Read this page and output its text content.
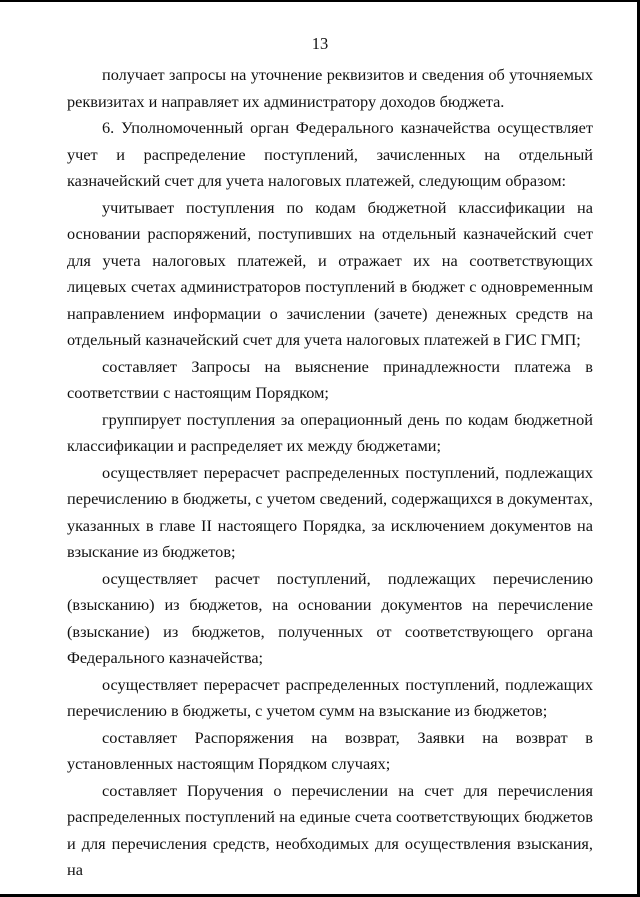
13

получает запросы на уточнение реквизитов и сведения об уточняемых реквизитах и направляет их администратору доходов бюджета.

6. Уполномоченный орган Федерального казначейства осуществляет учет и распределение поступлений, зачисленных на отдельный казначейский счет для учета налоговых платежей, следующим образом:

учитывает поступления по кодам бюджетной классификации на основании распоряжений, поступивших на отдельный казначейский счет для учета налоговых платежей, и отражает их на соответствующих лицевых счетах администраторов поступлений в бюджет с одновременным направлением информации о зачислении (зачете) денежных средств на отдельный казначейский счет для учета налоговых платежей в ГИС ГМП;

составляет Запросы на выяснение принадлежности платежа в соответствии с настоящим Порядком;

группирует поступления за операционный день по кодам бюджетной классификации и распределяет их между бюджетами;

осуществляет перерасчет распределенных поступлений, подлежащих перечислению в бюджеты, с учетом сведений, содержащихся в документах, указанных в главе II настоящего Порядка, за исключением документов на взыскание из бюджетов;

осуществляет расчет поступлений, подлежащих перечислению (взысканию) из бюджетов, на основании документов на перечисление (взыскание) из бюджетов, полученных от соответствующего органа Федерального казначейства;

осуществляет перерасчет распределенных поступлений, подлежащих перечислению в бюджеты, с учетом сумм на взыскание из бюджетов;

составляет Распоряжения на возврат, Заявки на возврат в установленных настоящим Порядком случаях;

составляет Поручения о перечислении на счет для перечисления распределенных поступлений на единые счета соответствующих бюджетов и для перечисления средств, необходимых для осуществления взыскания, на
